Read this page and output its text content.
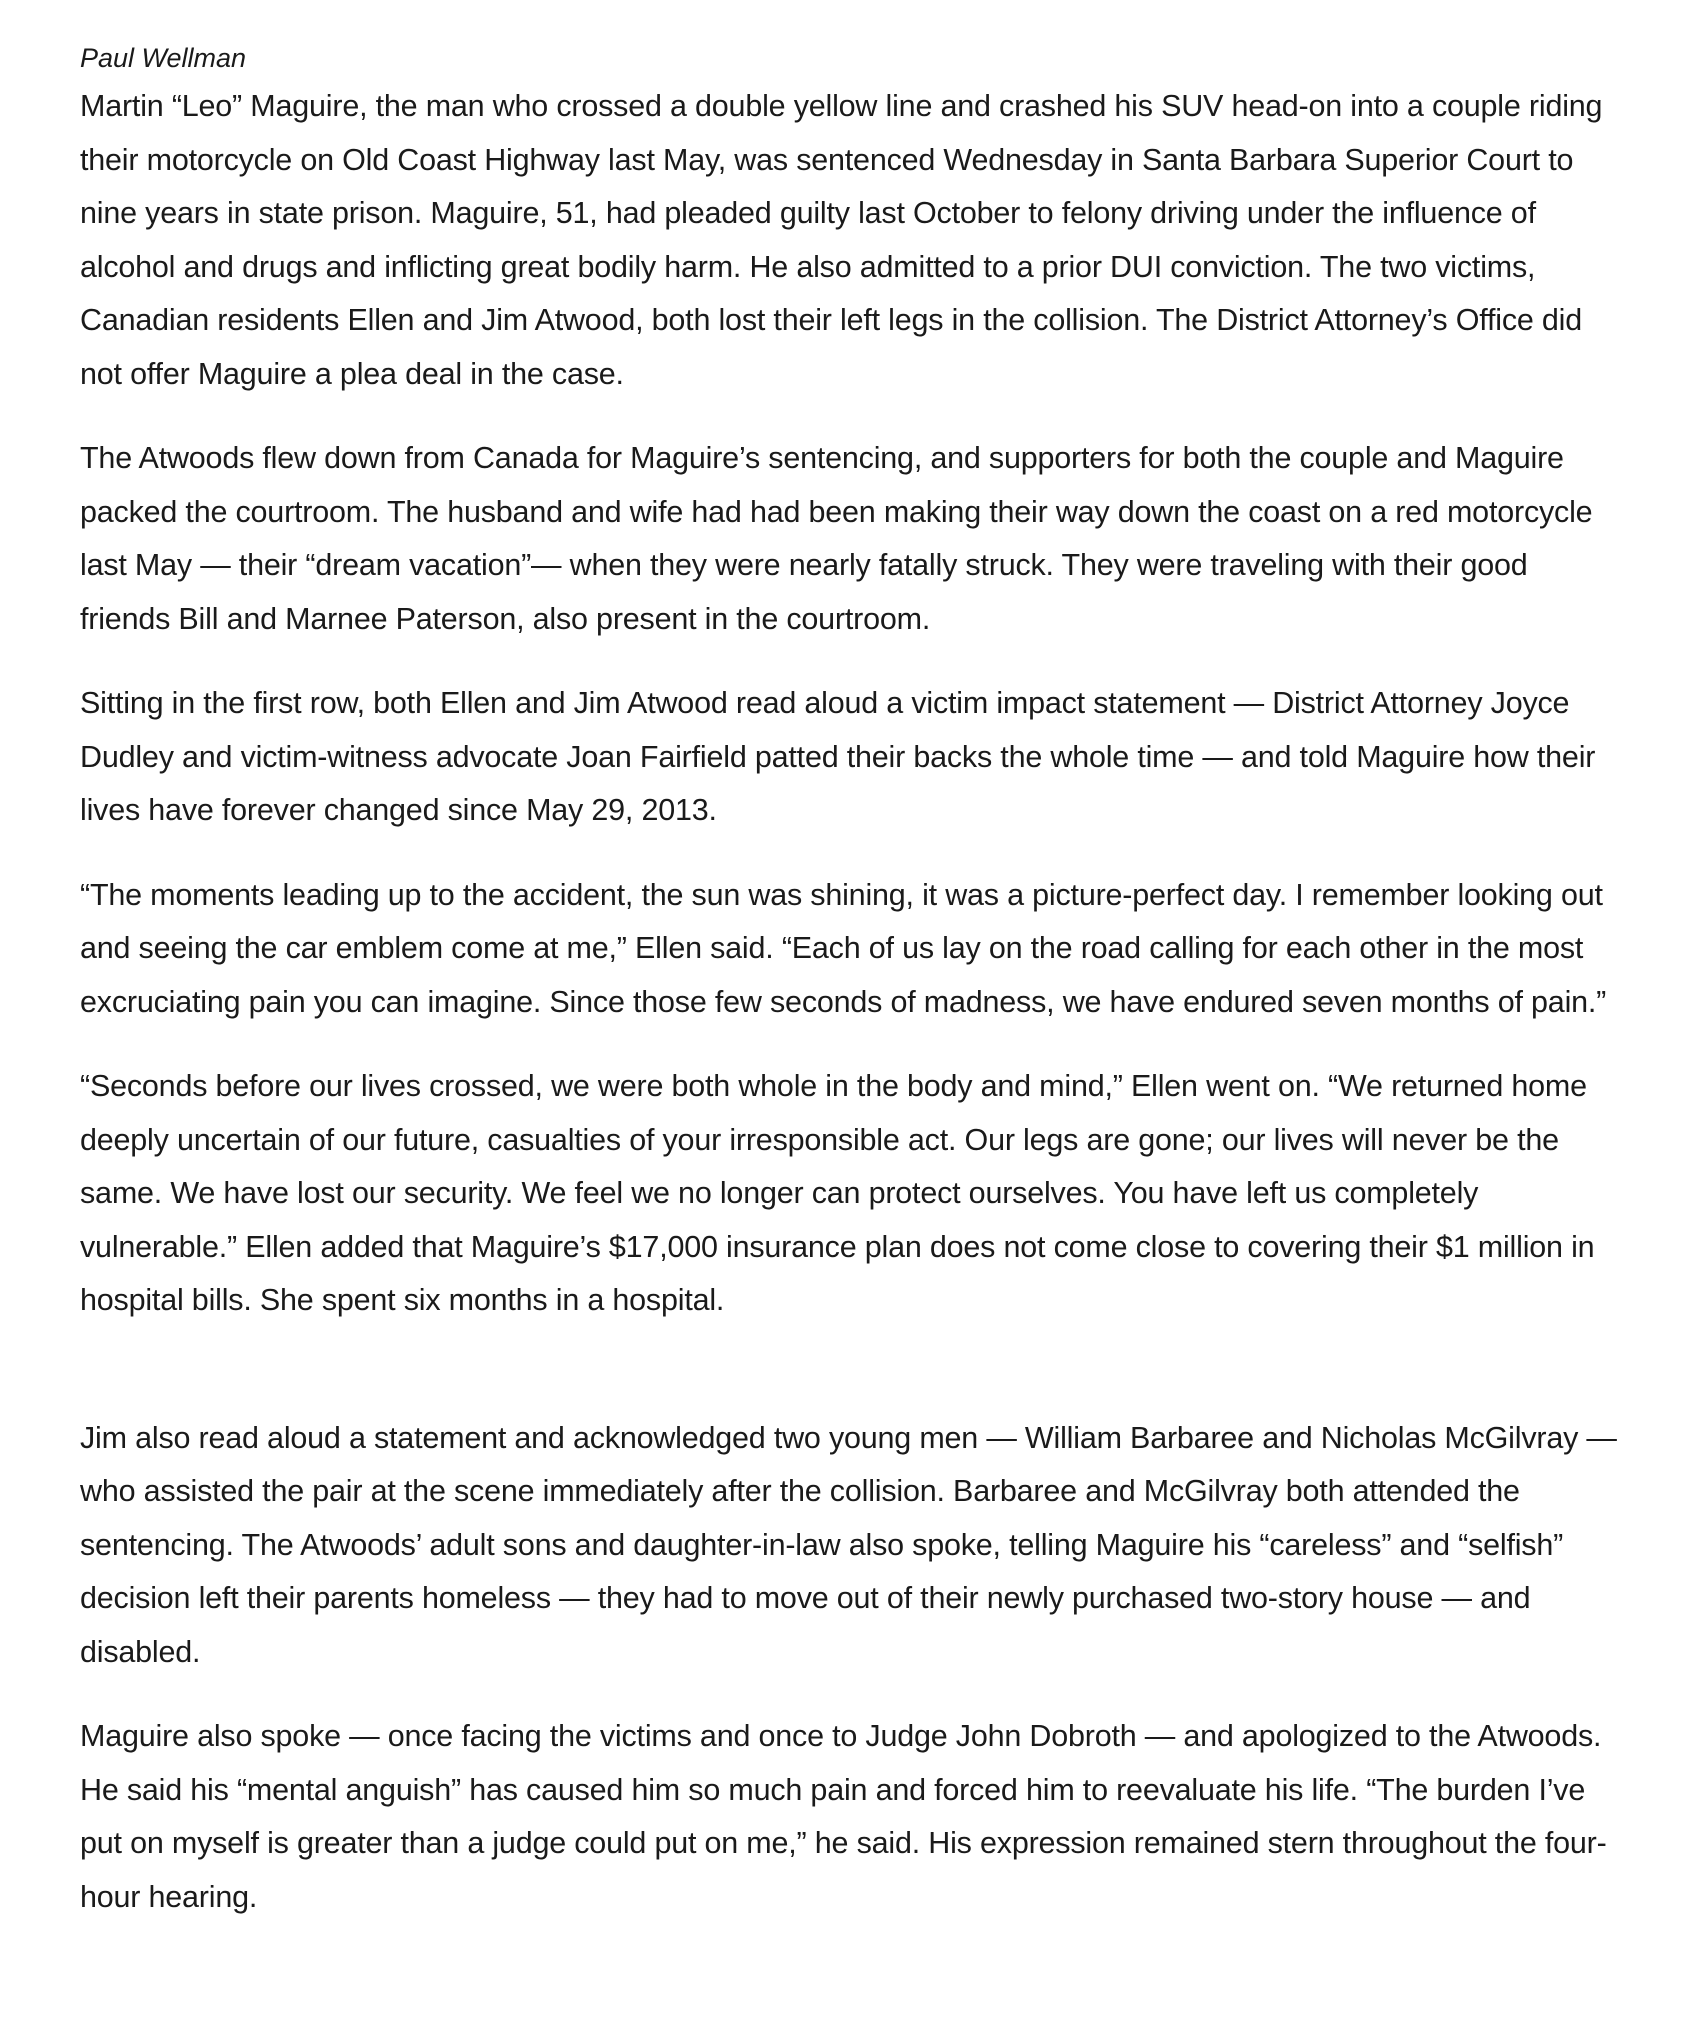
Paul Wellman

Martin “Leo” Maguire, the man who crossed a double yellow line and crashed his SUV head-on into a couple riding their motorcycle on Old Coast Highway last May, was sentenced Wednesday in Santa Barbara Superior Court to nine years in state prison. Maguire, 51, had pleaded guilty last October to felony driving under the influence of alcohol and drugs and inflicting great bodily harm. He also admitted to a prior DUI conviction. The two victims, Canadian residents Ellen and Jim Atwood, both lost their left legs in the collision. The District Attorney’s Office did not offer Maguire a plea deal in the case.

The Atwoods flew down from Canada for Maguire’s sentencing, and supporters for both the couple and Maguire packed the courtroom. The husband and wife had had been making their way down the coast on a red motorcycle last May — their “dream vacation”— when they were nearly fatally struck. They were traveling with their good friends Bill and Marnee Paterson, also present in the courtroom.

Sitting in the first row, both Ellen and Jim Atwood read aloud a victim impact statement — District Attorney Joyce Dudley and victim-witness advocate Joan Fairfield patted their backs the whole time — and told Maguire how their lives have forever changed since May 29, 2013.

“The moments leading up to the accident, the sun was shining, it was a picture-perfect day. I remember looking out and seeing the car emblem come at me,” Ellen said. “Each of us lay on the road calling for each other in the most excruciating pain you can imagine. Since those few seconds of madness, we have endured seven months of pain.”

“Seconds before our lives crossed, we were both whole in the body and mind,” Ellen went on. “We returned home deeply uncertain of our future, casualties of your irresponsible act. Our legs are gone; our lives will never be the same. We have lost our security. We feel we no longer can protect ourselves. You have left us completely vulnerable.” Ellen added that Maguire’s $17,000 insurance plan does not come close to covering their $1 million in hospital bills. She spent six months in a hospital.

Jim also read aloud a statement and acknowledged two young men — William Barbaree and Nicholas McGilvray — who assisted the pair at the scene immediately after the collision. Barbaree and McGilvray both attended the sentencing. The Atwoods’ adult sons and daughter-in-law also spoke, telling Maguire his “careless” and “selfish” decision left their parents homeless — they had to move out of their newly purchased two-story house — and disabled.

Maguire also spoke — once facing the victims and once to Judge John Dobroth — and apologized to the Atwoods. He said his “mental anguish” has caused him so much pain and forced him to reevaluate his life. “The burden I’ve put on myself is greater than a judge could put on me,” he said. His expression remained stern throughout the four-hour hearing.
